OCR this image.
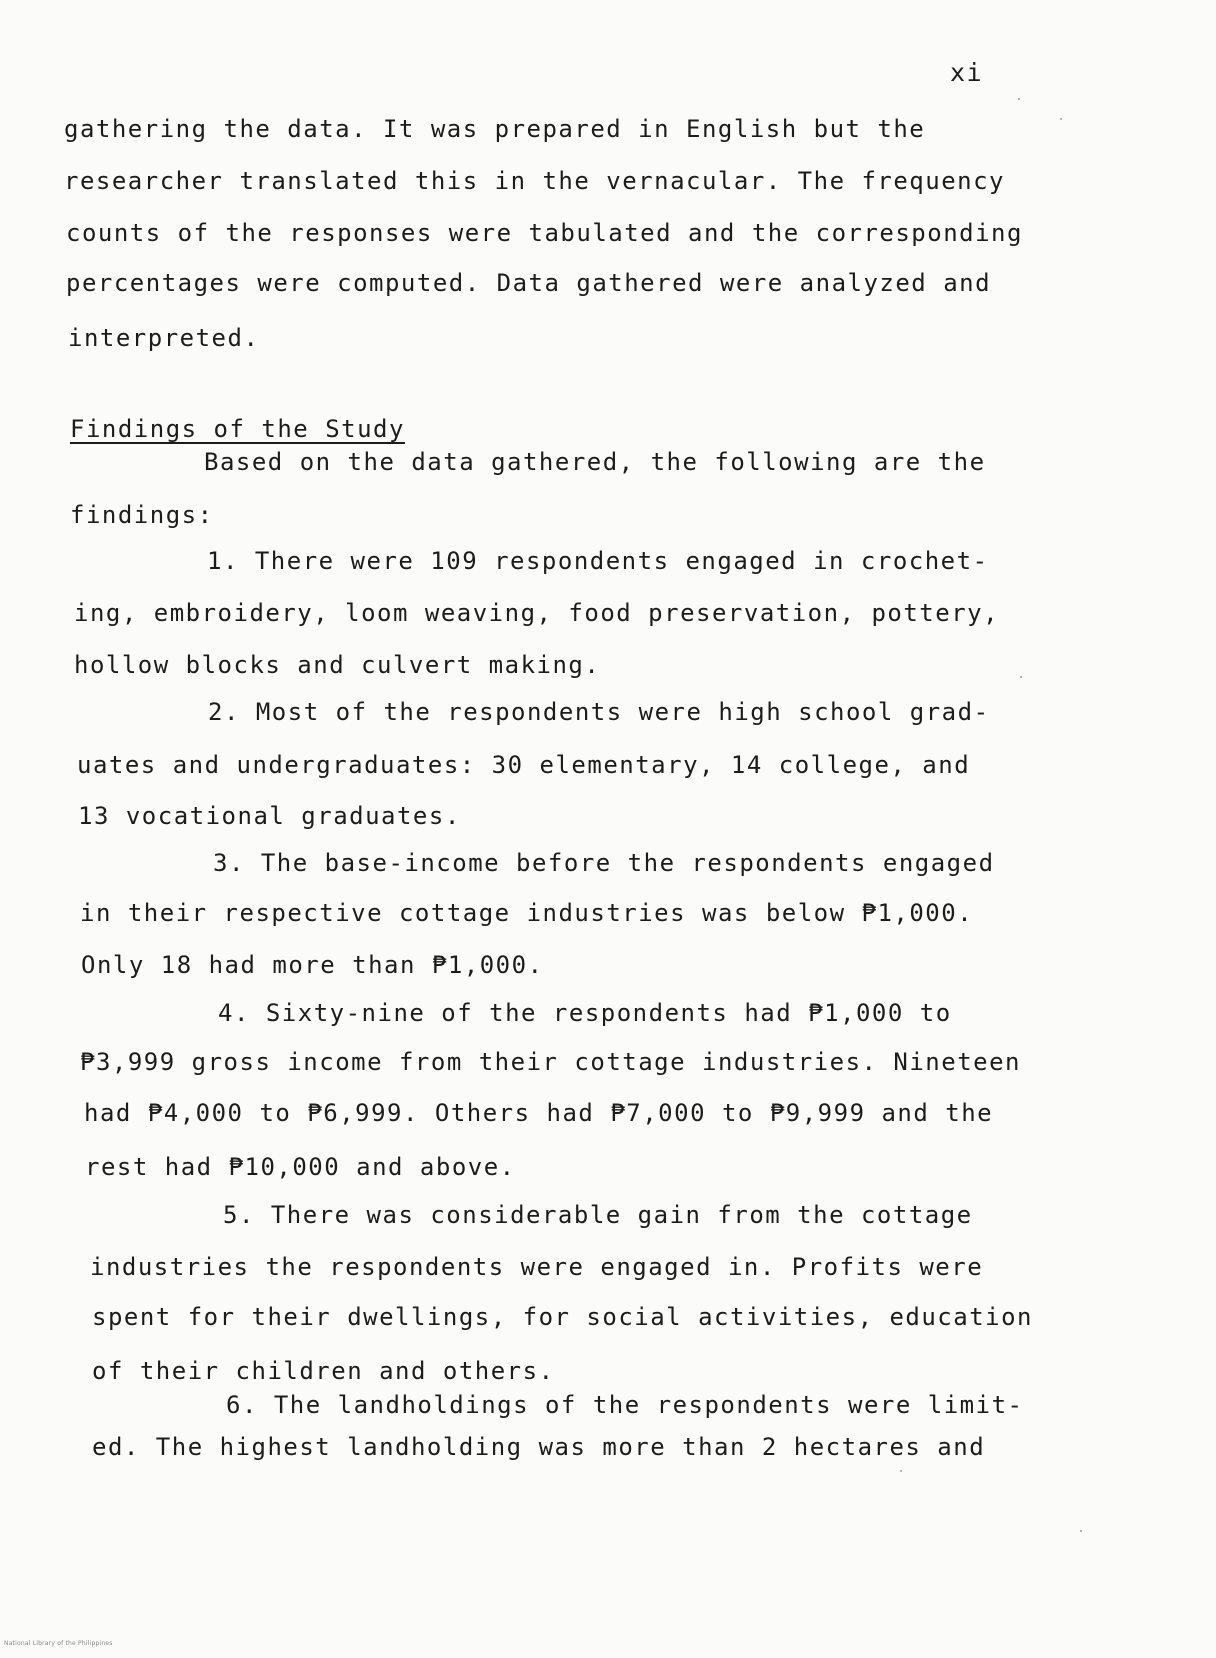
xi
gathering the data. It was prepared in English but the
researcher translated this in the vernacular. The frequency
counts of the responses were tabulated and the corresponding
percentages were computed. Data gathered were analyzed and
interpreted.
Findings of the Study
Based on the data gathered, the following are the
findings:
1. There were 109 respondents engaged in crochet-
ing, embroidery, loom weaving, food preservation, pottery,
hollow blocks and culvert making.
2. Most of the respondents were high school grad-
uates and undergraduates: 30 elementary, 14 college, and
13 vocational graduates.
3. The base-income before the respondents engaged
in their respective cottage industries was below ₱1,000.
Only 18 had more than ₱1,000.
4. Sixty-nine of the respondents had ₱1,000 to
₱3,999 gross income from their cottage industries. Nineteen
had ₱4,000 to ₱6,999. Others had ₱7,000 to ₱9,999 and the
rest had ₱10,000 and above.
5. There was considerable gain from the cottage
industries the respondents were engaged in. Profits were
spent for their dwellings, for social activities, education
of their children and others.
6. The landholdings of the respondents were limit-
ed. The highest landholding was more than 2 hectares and
National Library of the Philippines
